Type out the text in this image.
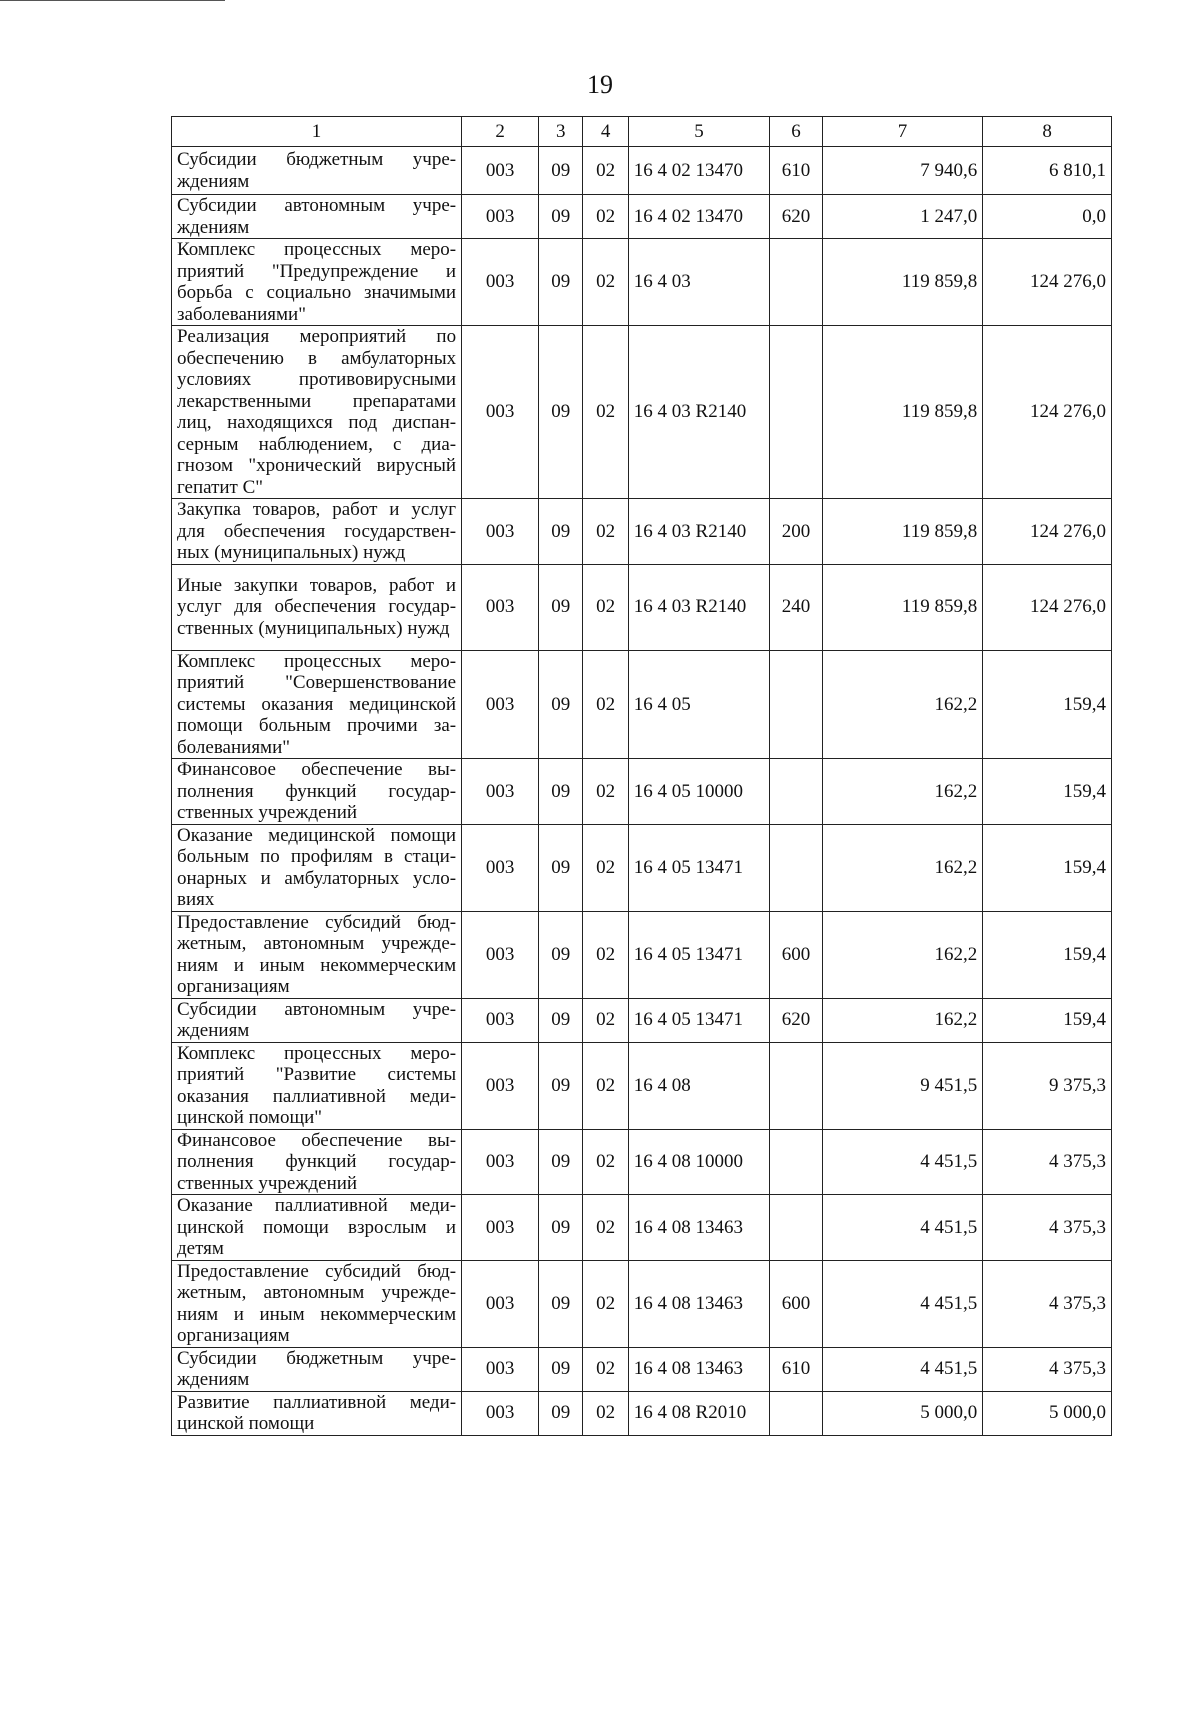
19
1	2	3	4	5	6	7	8
Субсидии бюджетным учре-ждениям	003	09	02	16 4 02 13470	610	7 940,6	6 810,1
Субсидии автономным учре-ждениям	003	09	02	16 4 02 13470	620	1 247,0	0,0
Комплекс процессных меро-приятий "Предупреждение и борьба с социально значимыми заболеваниями"	003	09	02	16 4 03		119 859,8	124 276,0
Реализация мероприятий по обеспечению в амбулаторных условиях противовирусными лекарственными препаратами лиц, находящихся под диспан-серным наблюдением, с диа-гнозом "хронический вирусный гепатит С"	003	09	02	16 4 03 R2140		119 859,8	124 276,0
Закупка товаров, работ и услуг для обеспечения государствен-ных (муниципальных) нужд	003	09	02	16 4 03 R2140	200	119 859,8	124 276,0
Иные закупки товаров, работ и услуг для обеспечения государ-ственных (муниципальных) нужд	003	09	02	16 4 03 R2140	240	119 859,8	124 276,0
Комплекс процессных меро-приятий "Совершенствование системы оказания медицинской помощи больным прочими за-болеваниями"	003	09	02	16 4 05		162,2	159,4
Финансовое обеспечение вы-полнения функций государ-ственных учреждений	003	09	02	16 4 05 10000		162,2	159,4
Оказание медицинской помощи больным по профилям в стаци-онарных и амбулаторных усло-виях	003	09	02	16 4 05 13471		162,2	159,4
Предоставление субсидий бюд-жетным, автономным учрежде-ниям и иным некоммерческим организациям	003	09	02	16 4 05 13471	600	162,2	159,4
Субсидии автономным учре-ждениям	003	09	02	16 4 05 13471	620	162,2	159,4
Комплекс процессных меро-приятий "Развитие системы оказания паллиативной меди-цинской помощи"	003	09	02	16 4 08		9 451,5	9 375,3
Финансовое обеспечение вы-полнения функций государ-ственных учреждений	003	09	02	16 4 08 10000		4 451,5	4 375,3
Оказание паллиативной меди-цинской помощи взрослым и детям	003	09	02	16 4 08 13463		4 451,5	4 375,3
Предоставление субсидий бюд-жетным, автономным учрежде-ниям и иным некоммерческим организациям	003	09	02	16 4 08 13463	600	4 451,5	4 375,3
Субсидии бюджетным учре-ждениям	003	09	02	16 4 08 13463	610	4 451,5	4 375,3
Развитие паллиативной меди-цинской помощи	003	09	02	16 4 08 R2010		5 000,0	5 000,0
